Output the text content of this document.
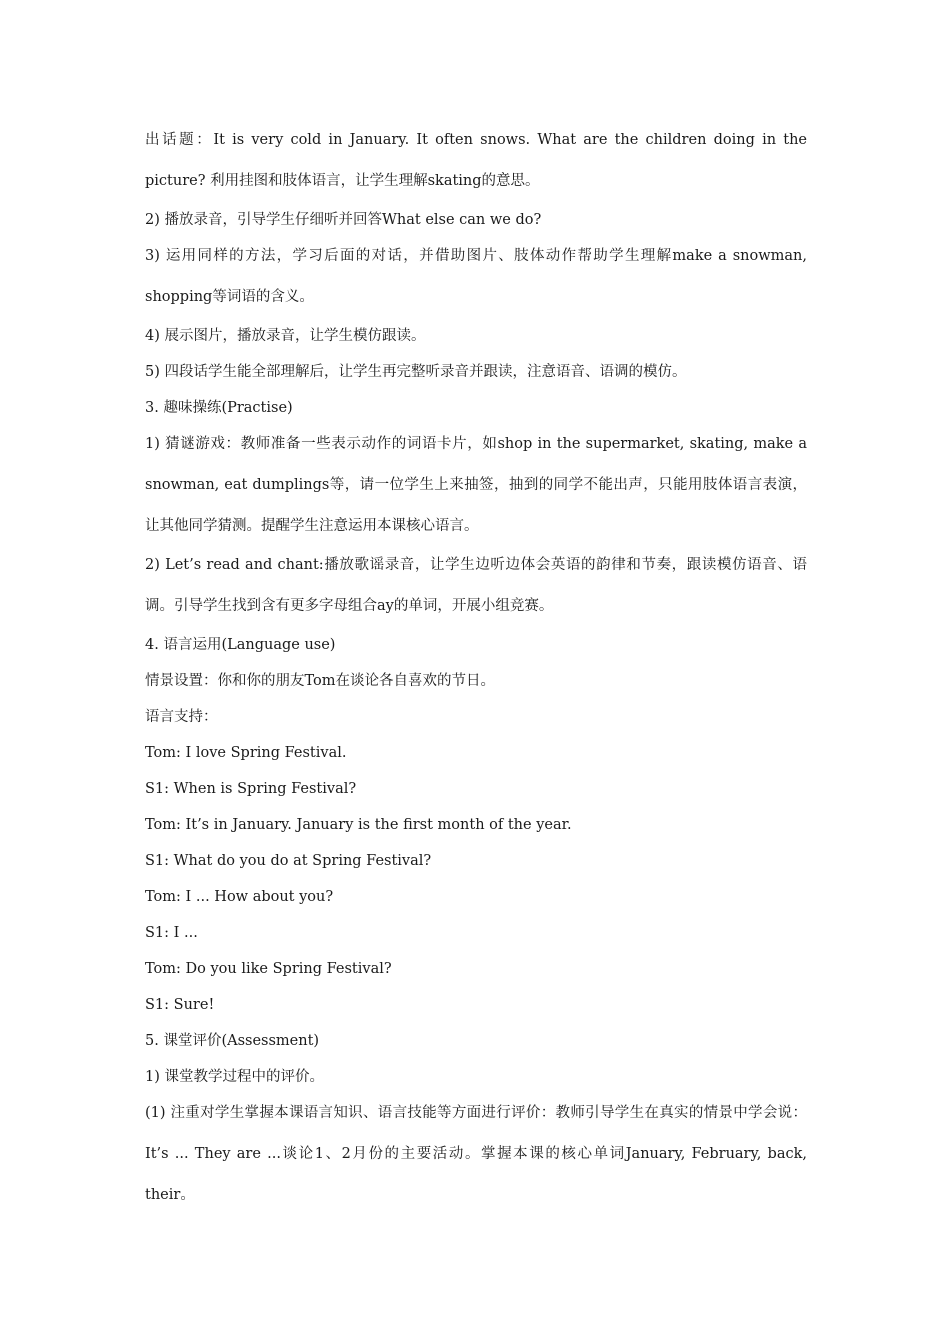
出话题：It is very cold in January. It often snows. What are the children doing in the picture? 利用挂图和肢体语言，让学生理解skating的意思。

2) 播放录音，引导学生仔细听并回答What else can we do?

3) 运用同样的方法，学习后面的对话，并借助图片、肢体动作帮助学生理解make a snowman, shopping等词语的含义。

4) 展示图片，播放录音，让学生模仿跟读。

5) 四段话学生能全部理解后，让学生再完整听录音并跟读，注意语音、语调的模仿。

3. 趣味操练(Practise)

1) 猜谜游戏：教师准备一些表示动作的词语卡片，如shop in the supermarket, skating, make a snowman, eat dumplings等，请一位学生上来抽签，抽到的同学不能出声，只能用肢体语言表演，让其他同学猜测。提醒学生注意运用本课核心语言。

2) Let’s read and chant:播放歌谣录音，让学生边听边体会英语的韵律和节奏，跟读模仿语音、语调。引导学生找到含有更多字母组合ay的单词，开展小组竞赛。

4. 语言运用(Language use)

情景设置：你和你的朋友Tom在谈论各自喜欢的节日。

语言支持：

Tom: I love Spring Festival.

S1: When is Spring Festival?

Tom: It’s in January. January is the first month of the year.

S1: What do you do at Spring Festival?

Tom: I ... How about you?

S1: I ...

Tom: Do you like Spring Festival?

S1: Sure!

5. 课堂评价(Assessment)

1) 课堂教学过程中的评价。

(1) 注重对学生掌握本课语言知识、语言技能等方面进行评价：教师引导学生在真实的情景中学会说：It’s ... They are ...谈论1、2月份的主要活动。掌握本课的核心单词January, February, back, their。
